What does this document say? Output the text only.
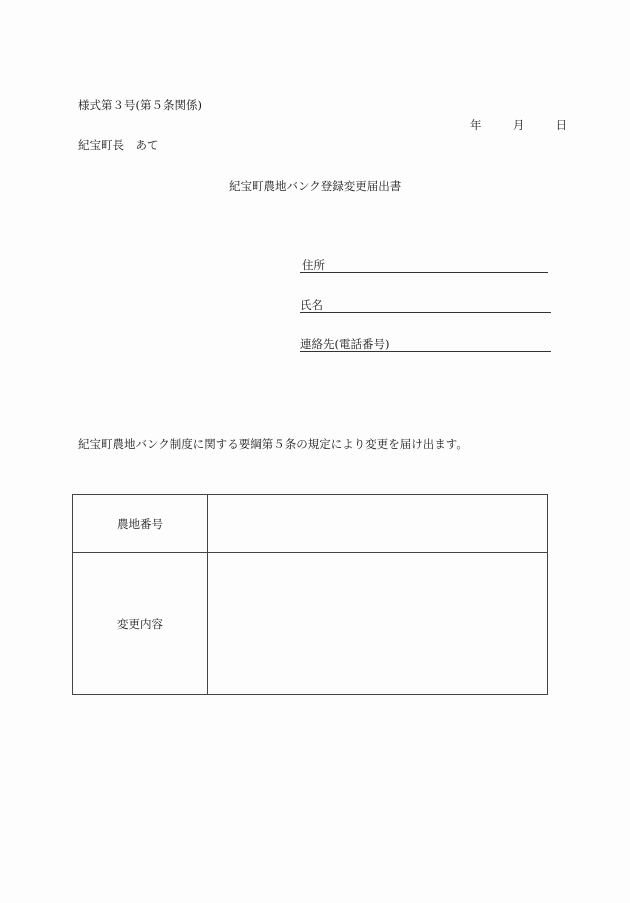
様式第３号(第５条関係)
年	月	日
紀宝町長　あて
紀宝町農地バンク登録変更届出書
住所
氏名
連絡先(電話番号)
紀宝町農地バンク制度に関する要綱第５条の規定により変更を届け出ます。
農地番号	
変更内容	
